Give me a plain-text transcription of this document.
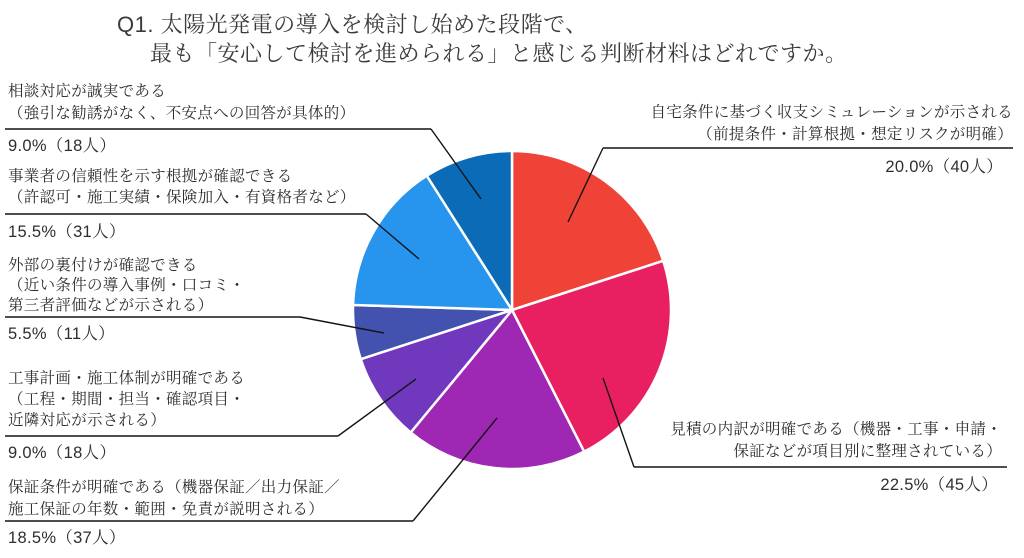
Q1. 太陽光発電の導入を検討し始めた段階で、
最も「安心して検討を進められる」と感じる判断材料はどれですか。
相談対応が誠実である
（強引な勧誘がなく、不安点への回答が具体的）
9.0%（18人）
事業者の信頼性を示す根拠が確認できる
（許認可・施工実績・保険加入・有資格者など）
15.5%（31人）
外部の裏付けが確認できる
（近い条件の導入事例・口コミ・
第三者評価などが示される）
5.5%（11人）
工事計画・施工体制が明確である
（工程・期間・担当・確認項目・
近隣対応が示される）
9.0%（18人）
保証条件が明確である（機器保証／出力保証／
施工保証の年数・範囲・免責が説明される）
18.5%（37人）
自宅条件に基づく収支シミュレーションが示される
（前提条件・計算根拠・想定リスクが明確）
20.0%（40人）
見積の内訳が明確である（機器・工事・申請・
保証などが項目別に整理されている）
22.5%（45人）
